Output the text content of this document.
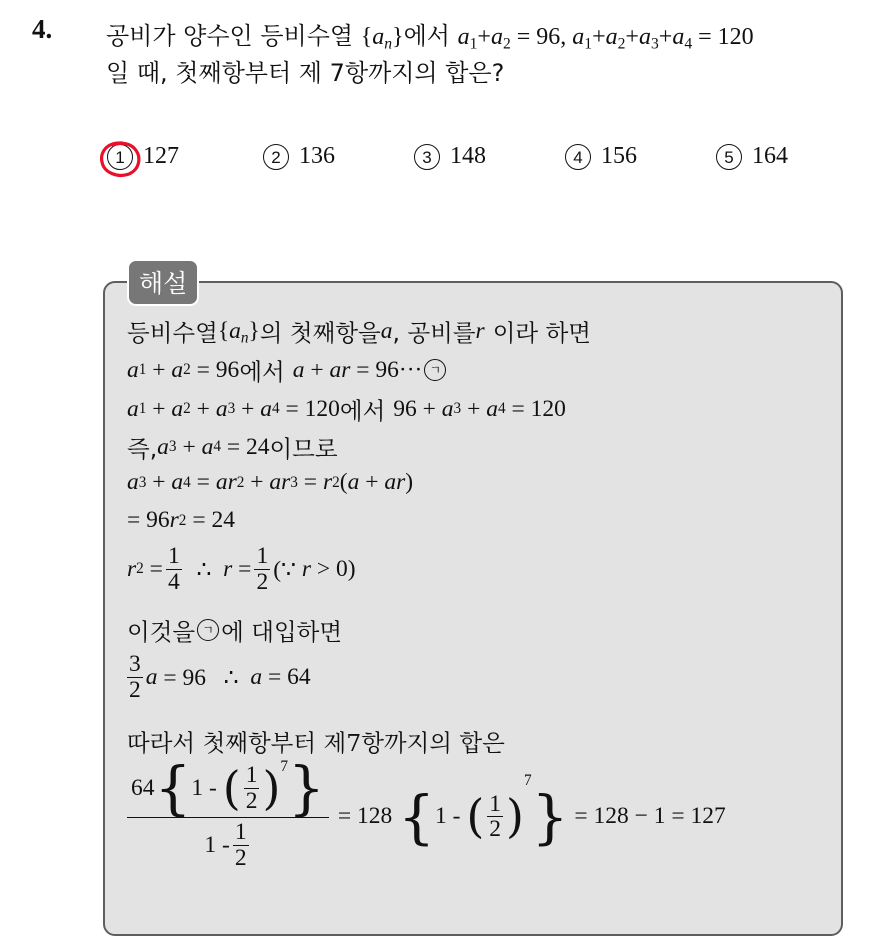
4. 공비가 양수인 등비수열 $\{a_n\}$에서 $a_1+a_2 = 96$, $a_1+a_2+a_3+a_4 = 120$
일 때, 첫째항부터 제 7항까지의 합은?
1 127	2 136	3 148	4 156	5 164
해설
등비수열 { $a_n$ } 의 첫째항을 a , 공비를 r 이라 하면
a 1 + a 2 = 96 에서 a + ar = 96··· ㄱ
a 1 + a 2 + a 3 + a 4 = 120 에서 96 + a 3 + a 4 = 120
즉, a 3 + a 4 = 24 이므로
a 3 + a 4 = ar 2 + ar 3 = r 2 ( a + ar )
= 96 r 2 = 24
r $2 = \frac{1}{4}$ ∴ $r = \frac{1}{2}$ (∵ r > 0)
이것을 ㄱ 에 대입하면
$\frac{3}{2}$ a = 96   ∴ a = 64
따라서 첫째항부터 제7항까지의 합은
$\frac{64 \{ 1 - ( \frac{1}{2} ) 7 \}}{1 - \frac{1}{2}} = 128$ { 1 - ( $\frac{1}{2}$ )
7
} = 128 − 1 = 127
